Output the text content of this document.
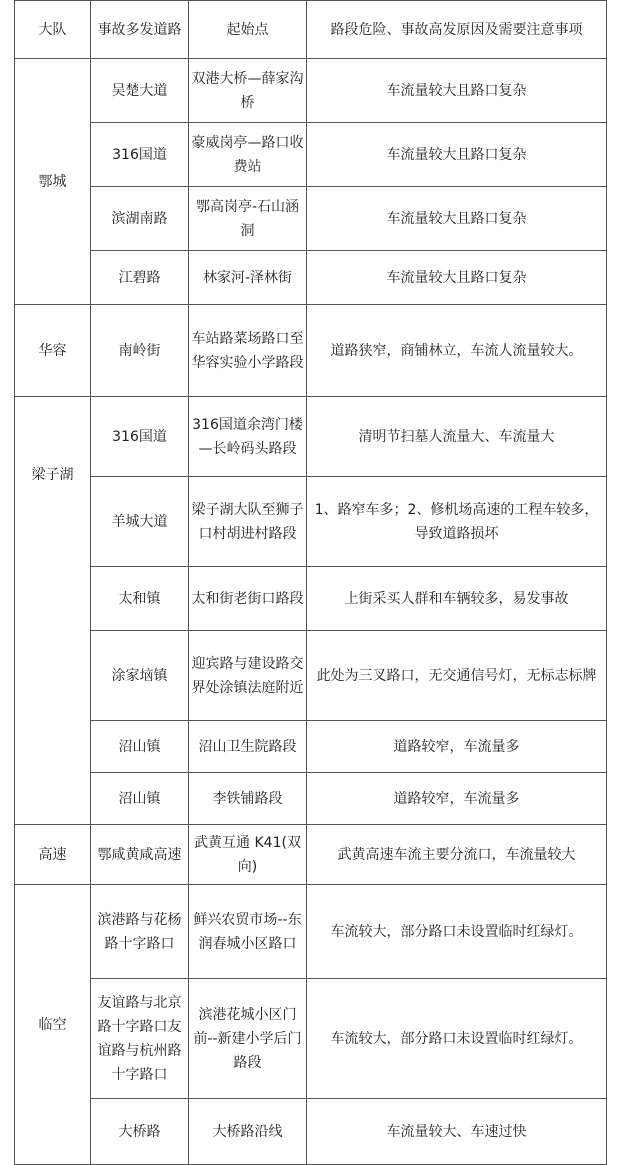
大队	事故多发道路	起始点	路段危险、事故高发原因及需要注意事项
鄂城	吴楚大道	双港大桥—薛家沟桥	车流量较大且路口复杂
	316国道	豪威岗亭—路口收费站	车流量较大且路口复杂
	滨湖南路	鄂高岗亭-石山涵洞	车流量较大且路口复杂
	江碧路	林家河-泽林街	车流量较大且路口复杂
华容	南岭街	车站路菜场路口至华容实验小学路段	道路狭窄，商铺林立，车流人流量较大。
梁子湖	316国道	316国道余湾门楼—长岭码头路段	清明节扫墓人流量大、车流量大
	羊城大道	梁子湖大队至狮子口村胡进村路段	1、路窄车多；2、修机场高速的工程车较多，导致道路损坏
	太和镇	太和街老街口路段	上街采买人群和车辆较多，易发事故
	涂家垴镇	迎宾路与建设路交界处涂镇法庭附近	此处为三叉路口，无交通信号灯，无标志标牌
	沼山镇	沼山卫生院路段	道路较窄，车流量多
	沼山镇	李铁铺路段	道路较窄，车流量多
高速	鄂咸黄咸高速	武黄互通 K41(双向)	武黄高速车流主要分流口，车流量较大
临空	滨港路与花杨路十字路口	鲜兴农贸市场--东润春城小区路口	车流较大，部分路口未设置临时红绿灯。
	友谊路与北京路十字路口友谊路与杭州路十字路口	滨港花城小区门前--新建小学后门路段	车流较大，部分路口未设置临时红绿灯。
	大桥路	大桥路沿线	车流量较大、车速过快
